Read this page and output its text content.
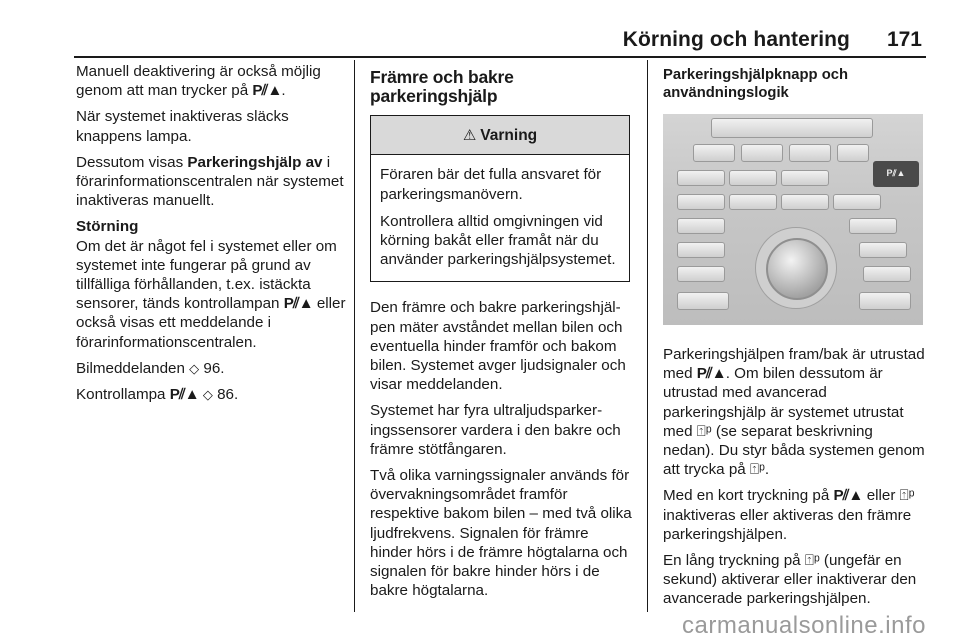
Körning och hantering 171

Manuell deaktivering är också möjlig genom att man trycker på P⫽▲.

När systemet inaktiveras släcks knappens lampa.

Dessutom visas Parkeringshjälp av i förarinformationscentralen när systemet inaktiveras manuellt.

Störning

Om det är något fel i systemet eller om systemet inte fungerar på grund av tillfälliga förhållanden, t.ex. istäckta sensorer, tänds kontrollampan P⫽▲ eller också visas ett meddelande i förarinformationscentralen.

Bilmeddelanden ◇ 96.

Kontrollampa P⫽▲ ◇ 86.

Främre och bakre parkeringshjälp
⚠ Varning

Föraren bär det fulla ansvaret för parkeringsmanövern.

Kontrollera alltid omgivningen vid körning bakåt eller framåt när du använder parkeringshjälpsystemet.

Den främre och bakre parkeringshjälpen mäter avståndet mellan bilen och eventuella hinder framför och bakom bilen. Systemet avger ljudsignaler och visar meddelanden.

Systemet har fyra ultraljudsparkeringssensorer vardera i den bakre och främre stötfångaren.

Två olika varningssignaler används för övervakningsområdet framför respektive bakom bilen – med två olika ljudfrekvens. Signalen för främre hinder hörs i de främre högtalarna och signalen för bakre hinder hörs i de bakre högtalarna.

Parkeringshjälpknapp och användningslogik
P⫽▲

Parkeringshjälpen fram/bak är utrustad med P⫽▲. Om bilen dessutom är utrustad med avancerad parkeringshjälp är systemet utrustat med ⍐ᵖ (se separat beskrivning nedan). Du styr båda systemen genom att trycka på ⍐ᵖ.

Med en kort tryckning på P⫽▲ eller ⍐ᵖ inaktiveras eller aktiveras den främre parkeringshjälpen.

En lång tryckning på ⍐ᵖ (ungefär en sekund) aktiverar eller inaktiverar den avancerade parkeringshjälpen.

carmanualsonline.info
